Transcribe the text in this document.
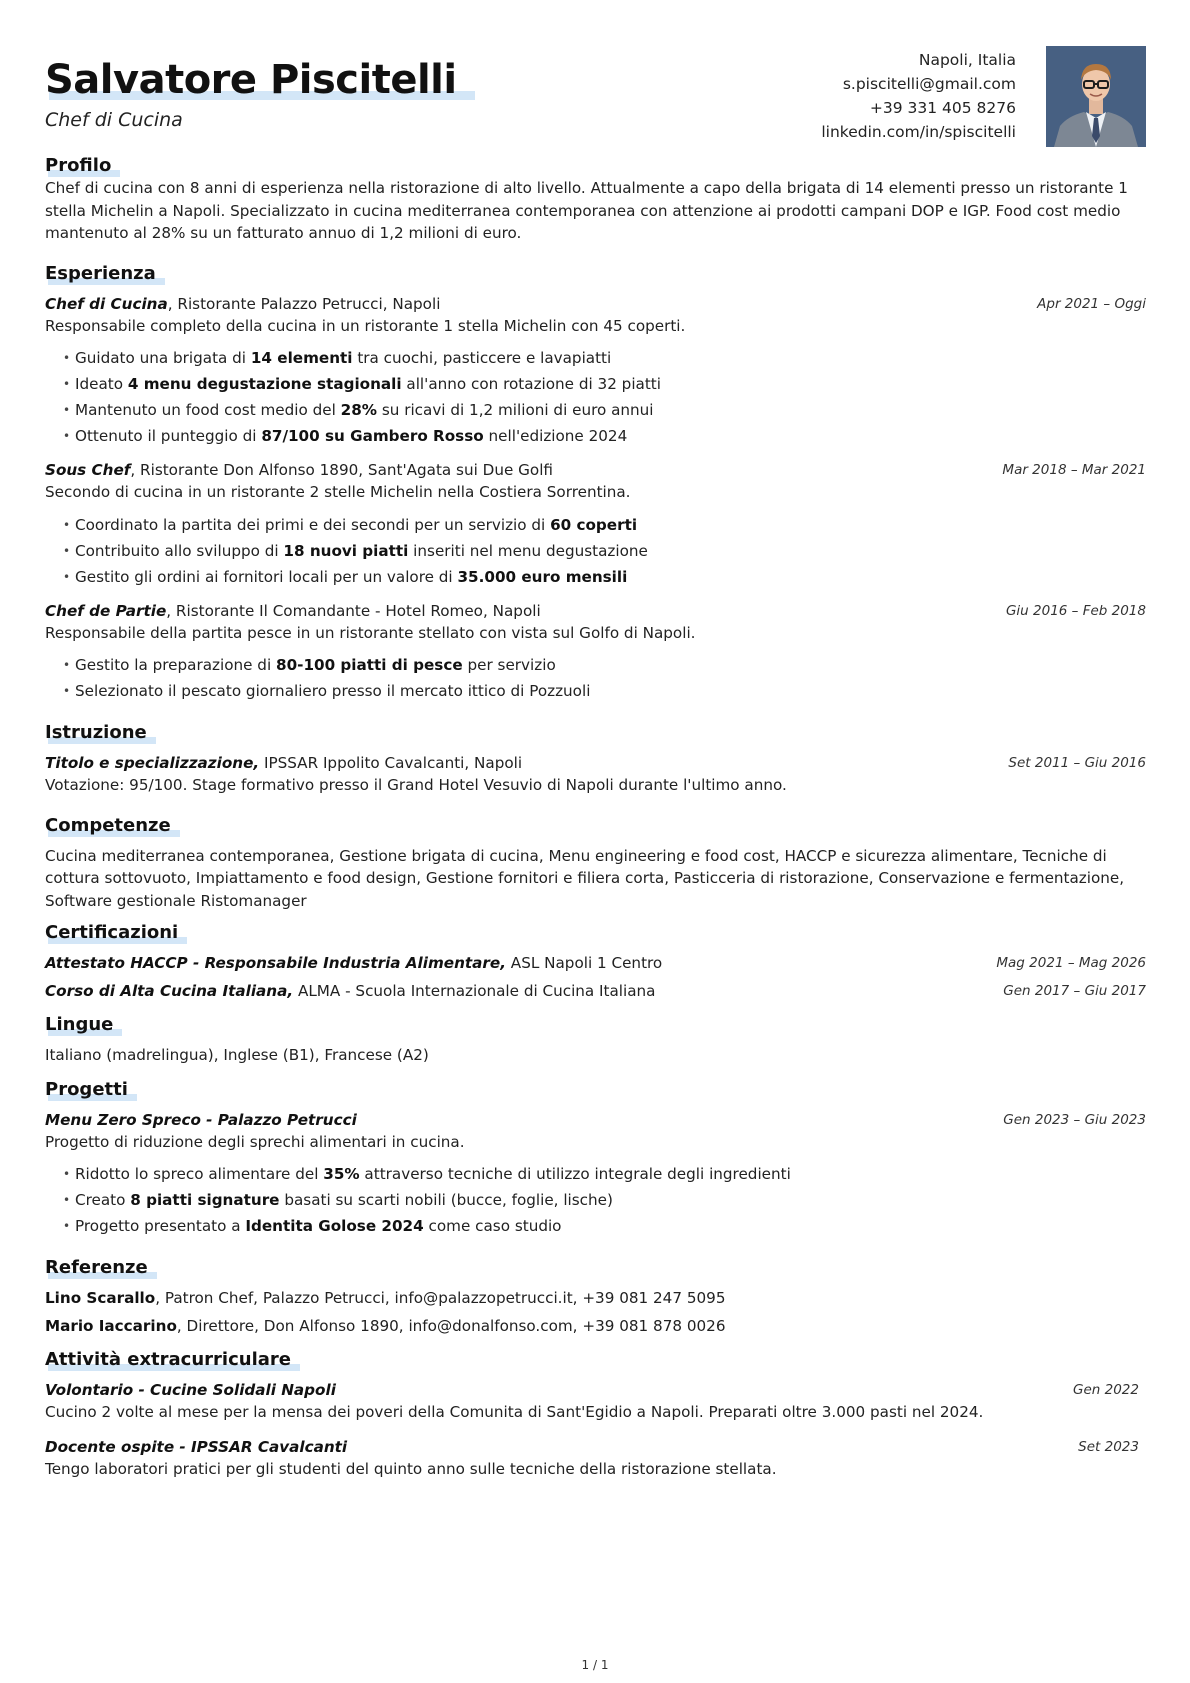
Salvatore Piscitelli
Chef di Cucina
Napoli, Italia
s.piscitelli@gmail.com
+39 331 405 8276
linkedin.com/in/spiscitelli
Profilo
Chef di cucina con 8 anni di esperienza nella ristorazione di alto livello. Attualmente a capo della brigata di 14 elementi presso un ristorante 1 stella Michelin a Napoli. Specializzato in cucina mediterranea contemporanea con attenzione ai prodotti campani DOP e IGP. Food cost medio mantenuto al 28% su un fatturato annuo di 1,2 milioni di euro.
Esperienza
Chef di Cucina, Ristorante Palazzo Petrucci, Napoli	Apr 2021 – Oggi
Responsabile completo della cucina in un ristorante 1 stella Michelin con 45 coperti.
• Guidato una brigata di 14 elementi tra cuochi, pasticcere e lavapiatti
• Ideato 4 menu degustazione stagionali all'anno con rotazione di 32 piatti
• Mantenuto un food cost medio del 28% su ricavi di 1,2 milioni di euro annui
• Ottenuto il punteggio di 87/100 su Gambero Rosso nell'edizione 2024
Sous Chef, Ristorante Don Alfonso 1890, Sant'Agata sui Due Golfi	Mar 2018 – Mar 2021
Secondo di cucina in un ristorante 2 stelle Michelin nella Costiera Sorrentina.
• Coordinato la partita dei primi e dei secondi per un servizio di 60 coperti
• Contribuito allo sviluppo di 18 nuovi piatti inseriti nel menu degustazione
• Gestito gli ordini ai fornitori locali per un valore di 35.000 euro mensili
Chef de Partie, Ristorante Il Comandante - Hotel Romeo, Napoli	Giu 2016 – Feb 2018
Responsabile della partita pesce in un ristorante stellato con vista sul Golfo di Napoli.
• Gestito la preparazione di 80-100 piatti di pesce per servizio
• Selezionato il pescato giornaliero presso il mercato ittico di Pozzuoli
Istruzione
Titolo e specializzazione, IPSSAR Ippolito Cavalcanti, Napoli	Set 2011 – Giu 2016
Votazione: 95/100. Stage formativo presso il Grand Hotel Vesuvio di Napoli durante l'ultimo anno.
Competenze
Cucina mediterranea contemporanea, Gestione brigata di cucina, Menu engineering e food cost, HACCP e sicurezza alimentare, Tecniche di cottura sottovuoto, Impiattamento e food design, Gestione fornitori e filiera corta, Pasticceria di ristorazione, Conservazione e fermentazione, Software gestionale Ristomanager
Certificazioni
Attestato HACCP - Responsabile Industria Alimentare, ASL Napoli 1 Centro	Mag 2021 – Mag 2026
Corso di Alta Cucina Italiana, ALMA - Scuola Internazionale di Cucina Italiana	Gen 2017 – Giu 2017
Lingue
Italiano (madrelingua), Inglese (B1), Francese (A2)
Progetti
Menu Zero Spreco - Palazzo Petrucci	Gen 2023 – Giu 2023
Progetto di riduzione degli sprechi alimentari in cucina.
• Ridotto lo spreco alimentare del 35% attraverso tecniche di utilizzo integrale degli ingredienti
• Creato 8 piatti signature basati su scarti nobili (bucce, foglie, lische)
• Progetto presentato a Identita Golose 2024 come caso studio
Referenze
Lino Scarallo, Patron Chef, Palazzo Petrucci, info@palazzopetrucci.it, +39 081 247 5095
Mario Iaccarino, Direttore, Don Alfonso 1890, info@donalfonso.com, +39 081 878 0026
Attività extracurriculare
Volontario - Cucine Solidali Napoli	Gen 2022
Cucino 2 volte al mese per la mensa dei poveri della Comunita di Sant'Egidio a Napoli. Preparati oltre 3.000 pasti nel 2024.
Docente ospite - IPSSAR Cavalcanti	Set 2023
Tengo laboratori pratici per gli studenti del quinto anno sulle tecniche della ristorazione stellata.
1 / 1
